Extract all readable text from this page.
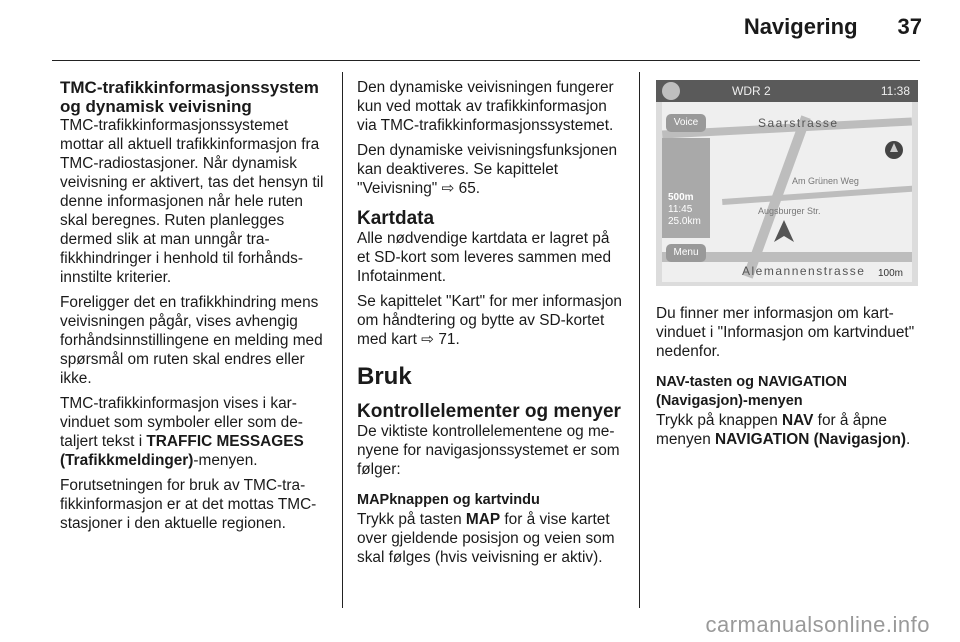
Navigering 37
TMC-trafikkinformasjonssystem og dynamisk veivisning

TMC-trafikkinformasjonssystemet mottar all aktuell trafikkinformasjon fra TMC-radiostasjoner. Når dynamisk veivisning er aktivert, tas det hensyn til denne informasjonen når hele ruten skal beregnes. Ruten planlegges dermed slik at man unngår trafikkhindringer i henhold til forhåndsinnstilte kriterier.

Foreligger det en trafikkhindring mens veivisningen pågår, vises avhengig forhåndsinnstillingene en melding med spørsmål om ruten skal endres eller ikke.

TMC-trafikkinformasjon vises i karvinduet som symboler eller som detaljert tekst i TRAFFIC MESSAGES (Trafikkmeldinger)-menyen.

Forutsetningen for bruk av TMC-trafikkinformasjon er at det mottas TMC-stasjoner i den aktuelle regionen.

Den dynamiske veivisningen fungerer kun ved mottak av trafikkinformasjon via TMC-trafikkinformasjonssystemet.

Den dynamiske veivisningsfunksjonen kan deaktiveres. Se kapittelet "Veivisning" ⇨ 65.

Kartdata

Alle nødvendige kartdata er lagret på et SD-kort som leveres sammen med Infotainment.

Se kapittelet "Kart" for mer informasjon om håndtering og bytte av SD-kortet med kart ⇨ 71.

Bruk
Kontrollelementer og menyer

De viktiste kontrollelementene og menyene for navigasjonssystemet er som følger:

MAPknappen og kartvindu

Trykk på tasten MAP for å vise kartet over gjeldende posisjon og veien som skal følges (hvis veivisning er aktiv).

WDR 2	11:38
Saarstrasse
Am Grünen Weg
Augsburger Str.
Alemannenstrasse 100m
Voice
500m
11:45
25.0km
Menu

Du finner mer informasjon om kartvinduet i "Informasjon om kartvinduet" nedenfor.

NAV-tasten og NAVIGATION (Navigasjon)-menyen

Trykk på knappen NAV for å åpne menyen NAVIGATION (Navigasjon).

carmanualsonline.info
